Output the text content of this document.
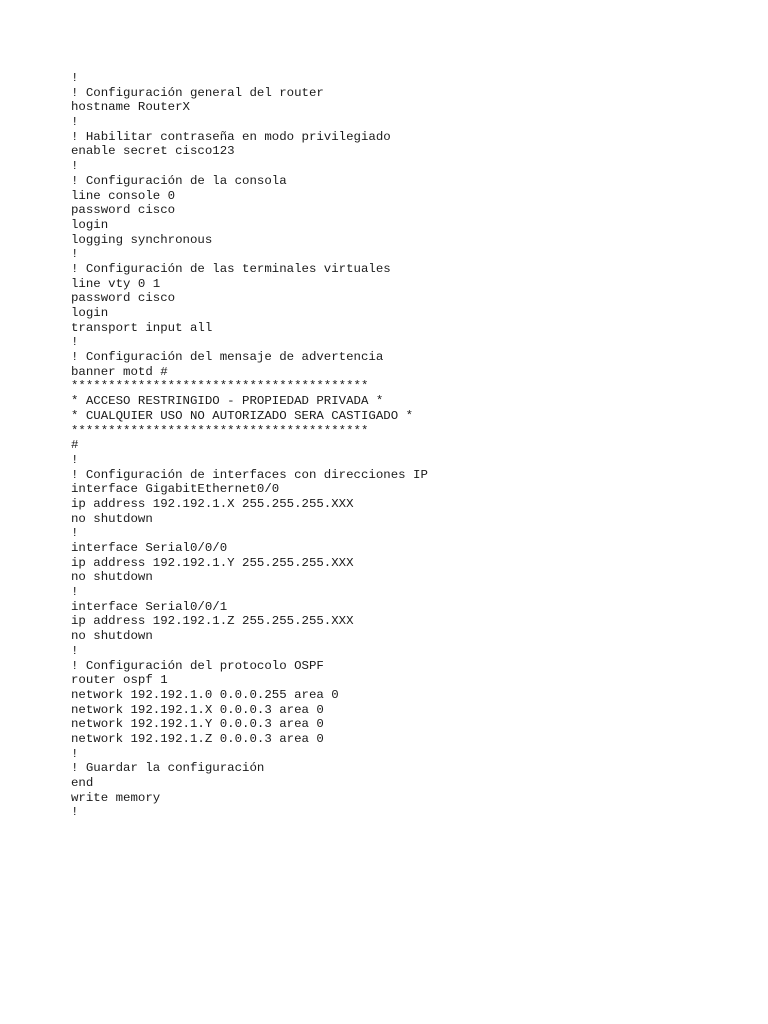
!
! Configuración general del router
hostname RouterX
!
! Habilitar contraseña en modo privilegiado
enable secret cisco123
!
! Configuración de la consola
line console 0
password cisco
login
logging synchronous
!
! Configuración de las terminales virtuales
line vty 0 1
password cisco
login
transport input all
!
! Configuración del mensaje de advertencia
banner motd #
****************************************
* ACCESO RESTRINGIDO - PROPIEDAD PRIVADA *
* CUALQUIER USO NO AUTORIZADO SERA CASTIGADO *
****************************************
#
!
! Configuración de interfaces con direcciones IP
interface GigabitEthernet0/0
ip address 192.192.1.X 255.255.255.XXX
no shutdown
!
interface Serial0/0/0
ip address 192.192.1.Y 255.255.255.XXX
no shutdown
!
interface Serial0/0/1
ip address 192.192.1.Z 255.255.255.XXX
no shutdown
!
! Configuración del protocolo OSPF
router ospf 1
network 192.192.1.0 0.0.0.255 area 0
network 192.192.1.X 0.0.0.3 area 0
network 192.192.1.Y 0.0.0.3 area 0
network 192.192.1.Z 0.0.0.3 area 0
!
! Guardar la configuración
end
write memory
!
